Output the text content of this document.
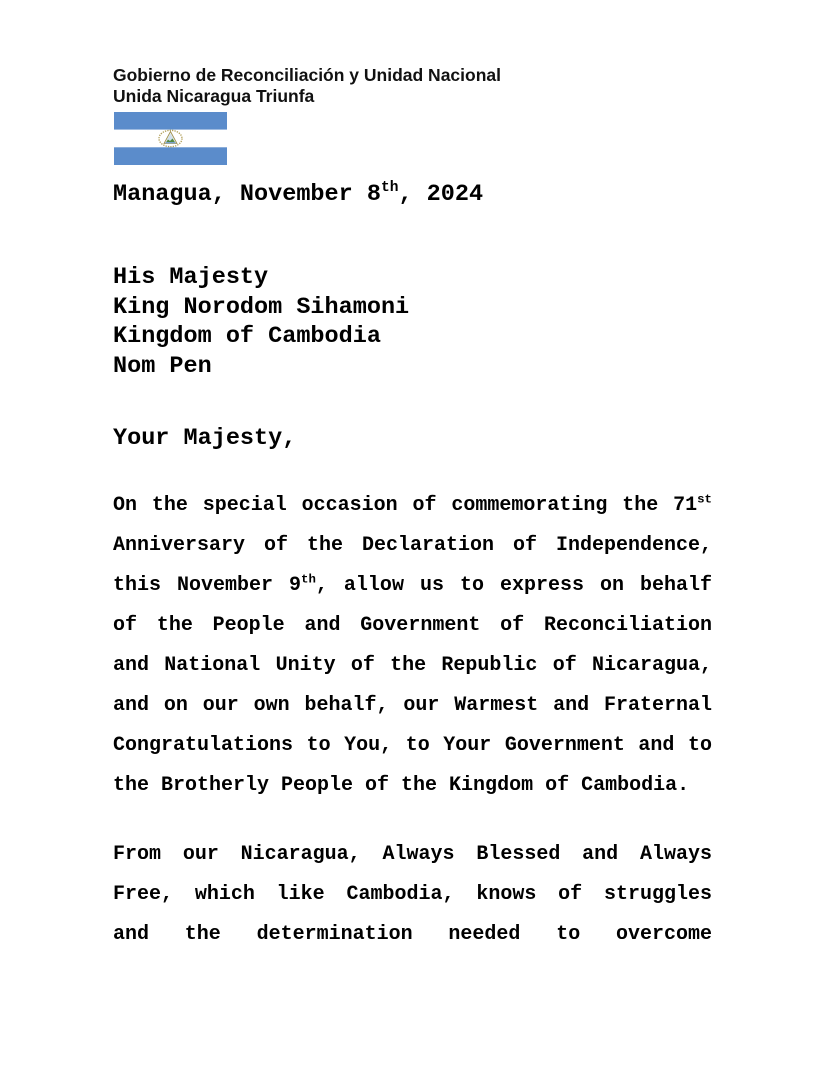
Gobierno de Reconciliación y Unidad Nacional
Unida Nicaragua Triunfa
Managua, November 8th, 2024
His Majesty
King Norodom Sihamoni
Kingdom of Cambodia
Nom Pen
Your Majesty,
On the special occasion of commemorating the 71st
Anniversary of the Declaration of Independence,
this November 9th, allow us to express on behalf
of the People and Government of Reconciliation
and National Unity of the Republic of Nicaragua,
and on our own behalf, our Warmest and Fraternal
Congratulations to You, to Your Government and to
the Brotherly People of the Kingdom of Cambodia.
From our Nicaragua, Always Blessed and Always
Free, which like Cambodia, knows of struggles
and the determination needed to overcome
